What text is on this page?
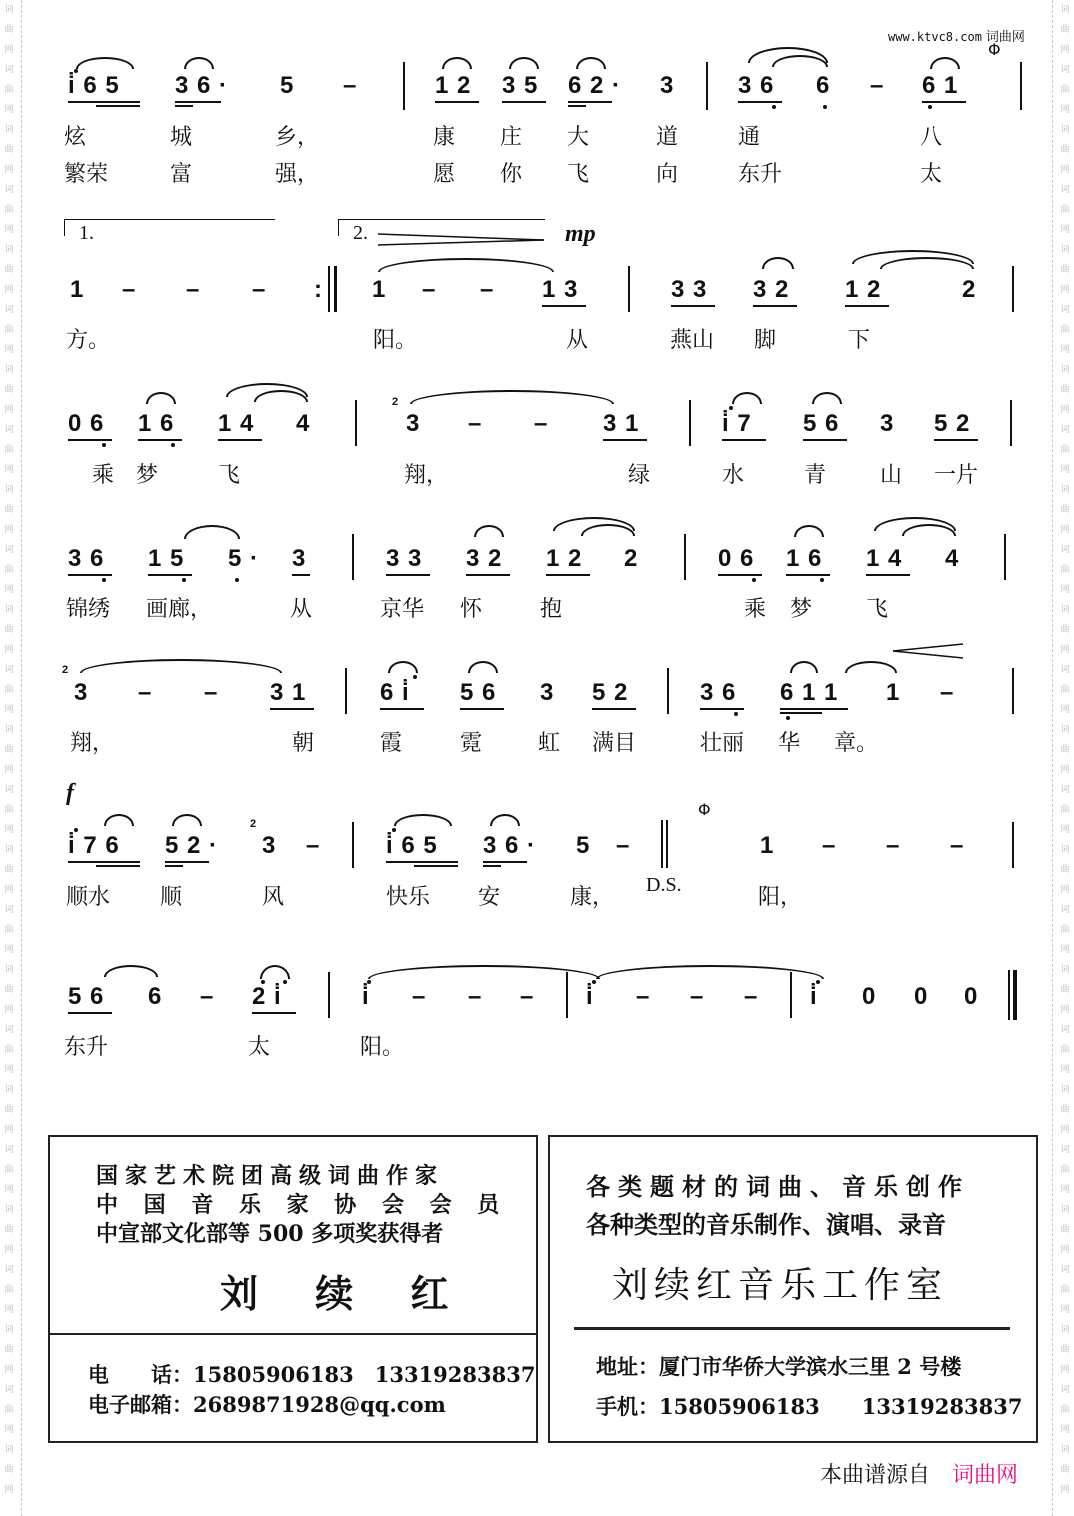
词
曲
网
词
曲
网
词
曲
网
词
曲
网
词
曲
网
词
曲
网
词
曲
网
词
曲
网
词
曲
网
词
曲
网
词
曲
网
词
曲
网
词
曲
网
词
曲
网
词
曲
网
词
曲
网
词
曲
网
词
曲
网
词
曲
网
词
曲
网
词
曲
网
词
曲
网
词
曲
网
词
曲
网
词
曲
网
词
曲
网
词
曲
网
词
曲
网
词
曲
网
词
曲
网
词
曲
网
词
曲
网
词
曲
网
词
曲
网
词
曲
网
词
曲
网
词
曲
网
词
曲
网
词
曲
网
词
曲
网
词
曲
网
词
曲
网
词
曲
网
词
曲
网
词
曲
网
词
曲
网
词
曲
网
词
曲
网
词
曲
网
词
曲
网
www.ktvc8.com 词曲网
i̇ 6 5 3 6 · 5 –	1 2 3 5 6 2 · 3	3 6 6 – 6 1
Φ
炫	城	乡，	康 庄 大	道	通	八
繁荣	富	强，	愿 你 飞	向	东升	太
1.	2.	mp
1 – – – : 1 – – 1 3	3 3 3 2 1 2	2
方。	阳。	从	燕山 脚	下
0 6 1 6 1 4 4
2
3 – – 3 1	i̇ 7 5 6 3 5 2
乘 梦	飞	翔，	绿	水	青 山 一片
3 6 1 5 5 · 3	3 3 3 2 1 2 2	0 6 1 6 1 4 4
锦绣 画廊，	从	京华 怀	抱	乘 梦 飞
2
3 – – 3 1	6 i̇ 5 6 3 5 2	3 6 6 1 1 1 –
翔，	朝	霞	霓	虹 满目	壮丽 华 章。
f
i̇ 7 6 5 2 ·
2
3 –	i̇ 6 5 3 6 · 5 –
Φ
1 – – –
顺水 顺	风	快乐 安	康， D.S.	阳，
5 6 6 – 2 i̇	i̇ – – – i̇ – – – i̇ 0 0 0
东升	太	阳。
国家艺术院团高级词曲作家
中 国 音 乐 家 协 会 会 员
中宣部文化部等 500 多项奖获得者
刘 续 红
电　　话：15805906183　13319283837
电子邮箱：2689871928@qq.com
各类题材的词曲、音乐创作
各种类型的音乐制作、演唱、录音
刘续红音乐工作室
地址：厦门市华侨大学滨水三里 2 号楼
手机：15805906183　　13319283837
本曲谱源自 词曲网
